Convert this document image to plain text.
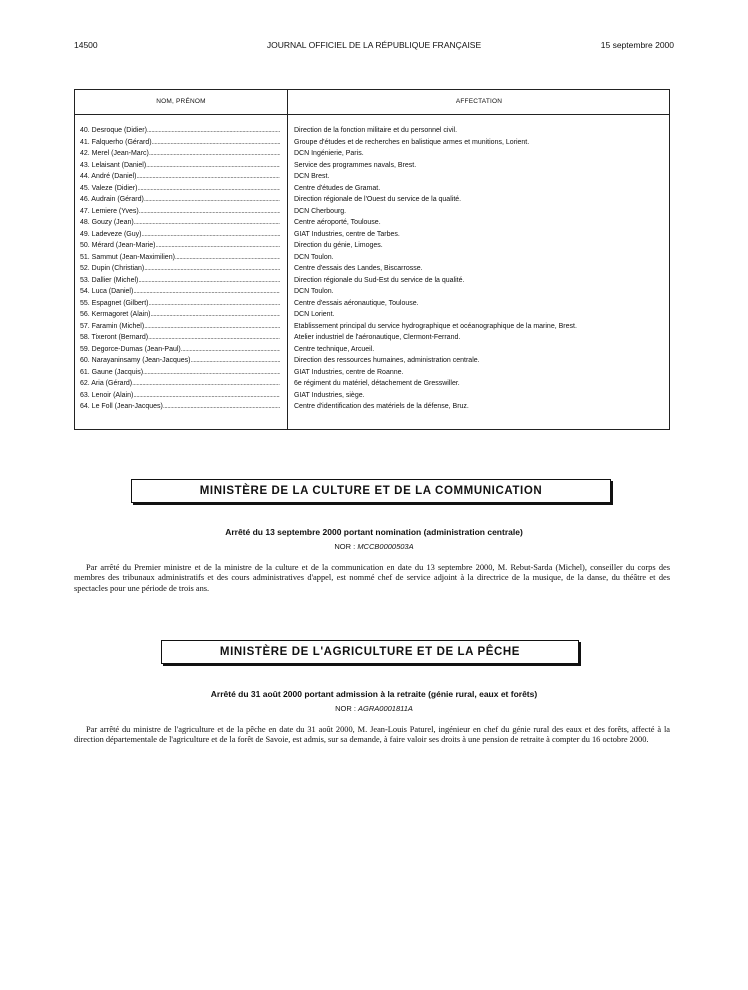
14500	JOURNAL OFFICIEL DE LA RÉPUBLIQUE FRANÇAISE	15 septembre 2000
NOM, PRÉNOM	AFFECTATION
40. Desroque (Didier) .....	Direction de la fonction militaire et du personnel civil.
41. Falquerho (Gérard) .....	Groupe d'études et de recherches en balistique armes et munitions, Lorient.
42. Merel (Jean-Marc) .....	DCN Ingénierie, Paris.
43. Lelaisant (Daniel) .....	Service des programmes navals, Brest.
44. André (Daniel) .....	DCN Brest.
45. Valeze (Didier) .....	Centre d'études de Gramat.
46. Audrain (Gérard) .....	Direction régionale de l'Ouest du service de la qualité.
47. Lemiere (Yves) .....	DCN Cherbourg.
48. Gouzy (Jean) .....	Centre aéroporté, Toulouse.
49. Ladeveze (Guy) .....	GIAT Industries, centre de Tarbes.
50. Mérard (Jean-Marie) .....	Direction du génie, Limoges.
51. Sammut (Jean-Maximilien) .....	DCN Toulon.
52. Dupin (Christian) .....	Centre d'essais des Landes, Biscarrosse.
53. Dallier (Michel) .....	Direction régionale du Sud-Est du service de la qualité.
54. Luca (Daniel) .....	DCN Toulon.
55. Espagnet (Gilbert) .....	Centre d'essais aéronautique, Toulouse.
56. Kermagoret (Alain) .....	DCN Lorient.
57. Faramin (Michel) .....	Etablissement principal du service hydrographique et océanographique de la marine, Brest.
58. Tixeront (Bernard) .....	Atelier industriel de l'aéronautique, Clermont-Ferrand.
59. Degorce-Dumas (Jean-Paul) .....	Centre technique, Arcueil.
60. Narayaninsamy (Jean-Jacques) .....	Direction des ressources humaines, administration centrale.
61. Gaune (Jacquis) .....	GIAT Industries, centre de Roanne.
62. Aria (Gérard) .....	6e régiment du matériel, détachement de Gresswiller.
63. Lenoir (Alain) .....	GIAT Industries, siège.
64. Le Foll (Jean-Jacques) .....	Centre d'identification des matériels de la défense, Bruz.
MINISTÈRE DE LA CULTURE ET DE LA COMMUNICATION
Arrêté du 13 septembre 2000 portant nomination (administration centrale)
NOR : MCCB0000503A
Par arrêté du Premier ministre et de la ministre de la culture et de la communication en date du 13 septembre 2000, M. Rebut-Sarda (Michel), conseiller du corps des membres des tribunaux administratifs et des cours administratives d'appel, est nommé chef de service adjoint à la directrice de la musique, de la danse, du théâtre et des spectacles pour une période de trois ans.
MINISTÈRE DE L'AGRICULTURE ET DE LA PÊCHE
Arrêté du 31 août 2000 portant admission à la retraite (génie rural, eaux et forêts)
NOR : AGRA0001811A
Par arrêté du ministre de l'agriculture et de la pêche en date du 31 août 2000, M. Jean-Louis Paturel, ingénieur en chef du génie rural des eaux et des forêts, affecté à la direction départementale de l'agriculture et de la forêt de Savoie, est admis, sur sa demande, à faire valoir ses droits à une pension de retraite à compter du 16 octobre 2000.
